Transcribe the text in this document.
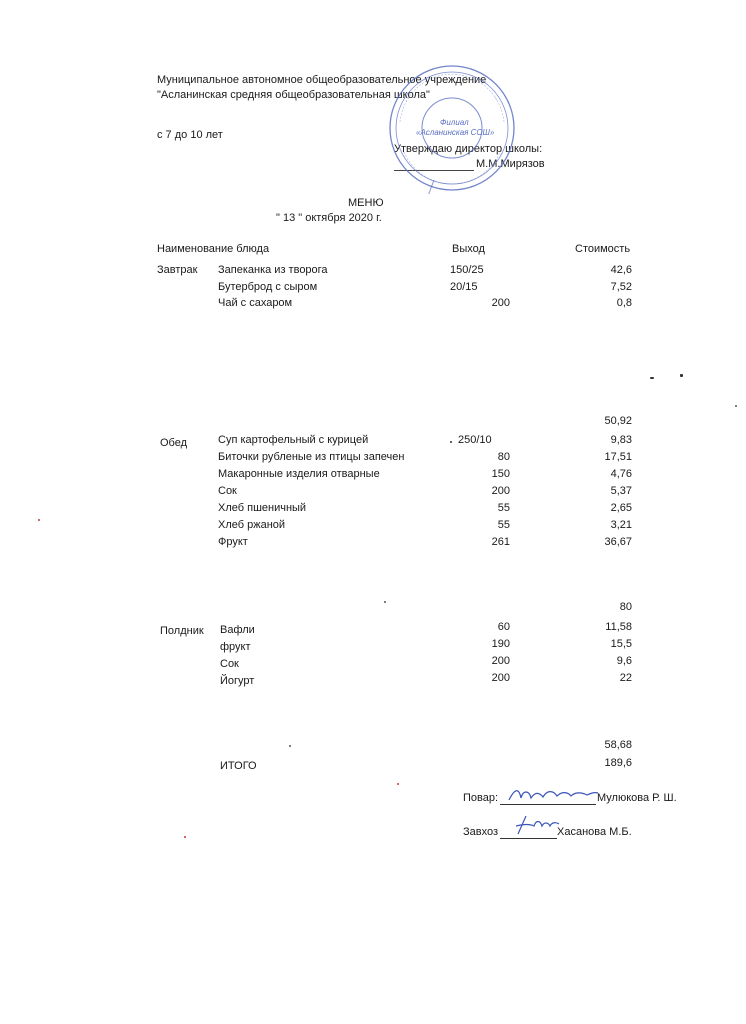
Муниципальное автономное общеобразовательное учреждение
"Асланинская средняя общеобразовательная школа"
с 7 до 10 лет
Утверждаю директор школы:
М.М.Мирязов
МЕНЮ
" 13 " октября 2020 г.
Филиал
«Асланинская СОШ»
Наименование блюда	Выход	Стоимость
Завтрак Запеканка из творога	150/25	42,6
Бутерброд с сыром	20/15	7,52
Чай с сахаром	200	0,8
50,92
Обед	Суп картофельный с курицей	250/10	9,83
Биточки рубленые из птицы запечен	80	17,51
Макаронные изделия отварные	150	4,76
Сок	200	5,37
Хлеб пшеничный	55	2,65
Хлеб ржаной	55	3,21
Фрукт	261	36,67
80
Полдник Вафли	60	11,58
фрукт	190	15,5
Сок	200	9,6
Йогурт	200	22
58,68
ИТОГО	189,6
Повар:	Мулюкова Р. Ш.
Завхоз	Хасанова М.Б.
